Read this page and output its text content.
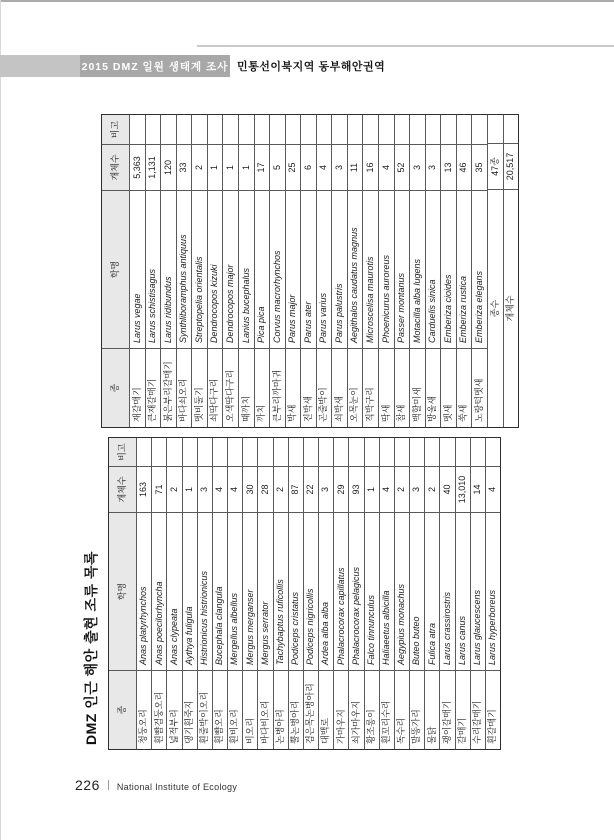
2015 DMZ 일원 생태계 조사 민통선이북지역 동부해안권역
DMZ 인근 해안 출현 조류 목록	종
학명
개체수
비고
청둥오리
Anas platyrhynchos
163
흰뺨검둥오리
Anas poecilorhyncha
71
넓적부리
Anas clypeata
2
댕기흰죽지
Aythya fuligula
1
흰줄박이오리
Histrionicus histrionicus
3
흰뺨오리
Bucephala clangula
4
흰비오리
Mergellus albellus
4
비오리
Mergus merganser
30
바다비오리
Mergus serrator
28
논병아리
Tachybaptus ruficollis
2
뿔논병아리
Podiceps cristatus
87
검은목논병아리
Podiceps nigricollis
22
대백로
Ardea alba alba
3
가마우지
Phalacrocorax capillatus
29
쇠가마우지
Phalacrocorax pelagicus
93
황조롱이
Falco tinnunculus
1
흰꼬리수리
Haliaeetus albicilla
4
독수리
Aegypius monachus
2
말똥가리
Buteo buteo
3
물닭
Fulica atra
2
괭이갈매기
Larus crassirostris
40
갈매기
Larus canus
13,010
수리갈매기
Larus glaucescens
14
흰갈매기
Larus hyperboreus
4
종
학명
개체수
비고
재갈매기
Larus vegae
5,363
큰재갈매기
Larus schistisagus
1,131
붉은부리갈매기
Larus ridibundus
120
바다쇠오리
Synthliboramphus antiquus
33
멧비둘기
Streptopelia orientalis
2
쇠딱다구리
Dendrocopos kizuki
1
오색딱다구리
Dendrocopos major
1
때까치
Lanius bucephalus
1
까치
Pica pica
17
큰부리까마귀
Corvus macrorhynchos
5
박새
Parus major
25
진박새
Parus ater
6
곤줄박이
Parus varius
4
쇠박새
Parus palustris
3
오목눈이
Aegithalos caudatus magnus
11
직박구리
Microscelisa maurotis
16
딱새
Phoenicurus auroreus
4
참새
Passer montanus
52
백할미새
Motacilla alba lugens
3
방울새
Carduelis sinica
3
멧새
Emberiza cioides
13
쑥새
Emberiza rustica
46
노랑턱멧새
Emberiza elegans
35
종수
47종
개체수
20,517
226 National Institute of Ecology
